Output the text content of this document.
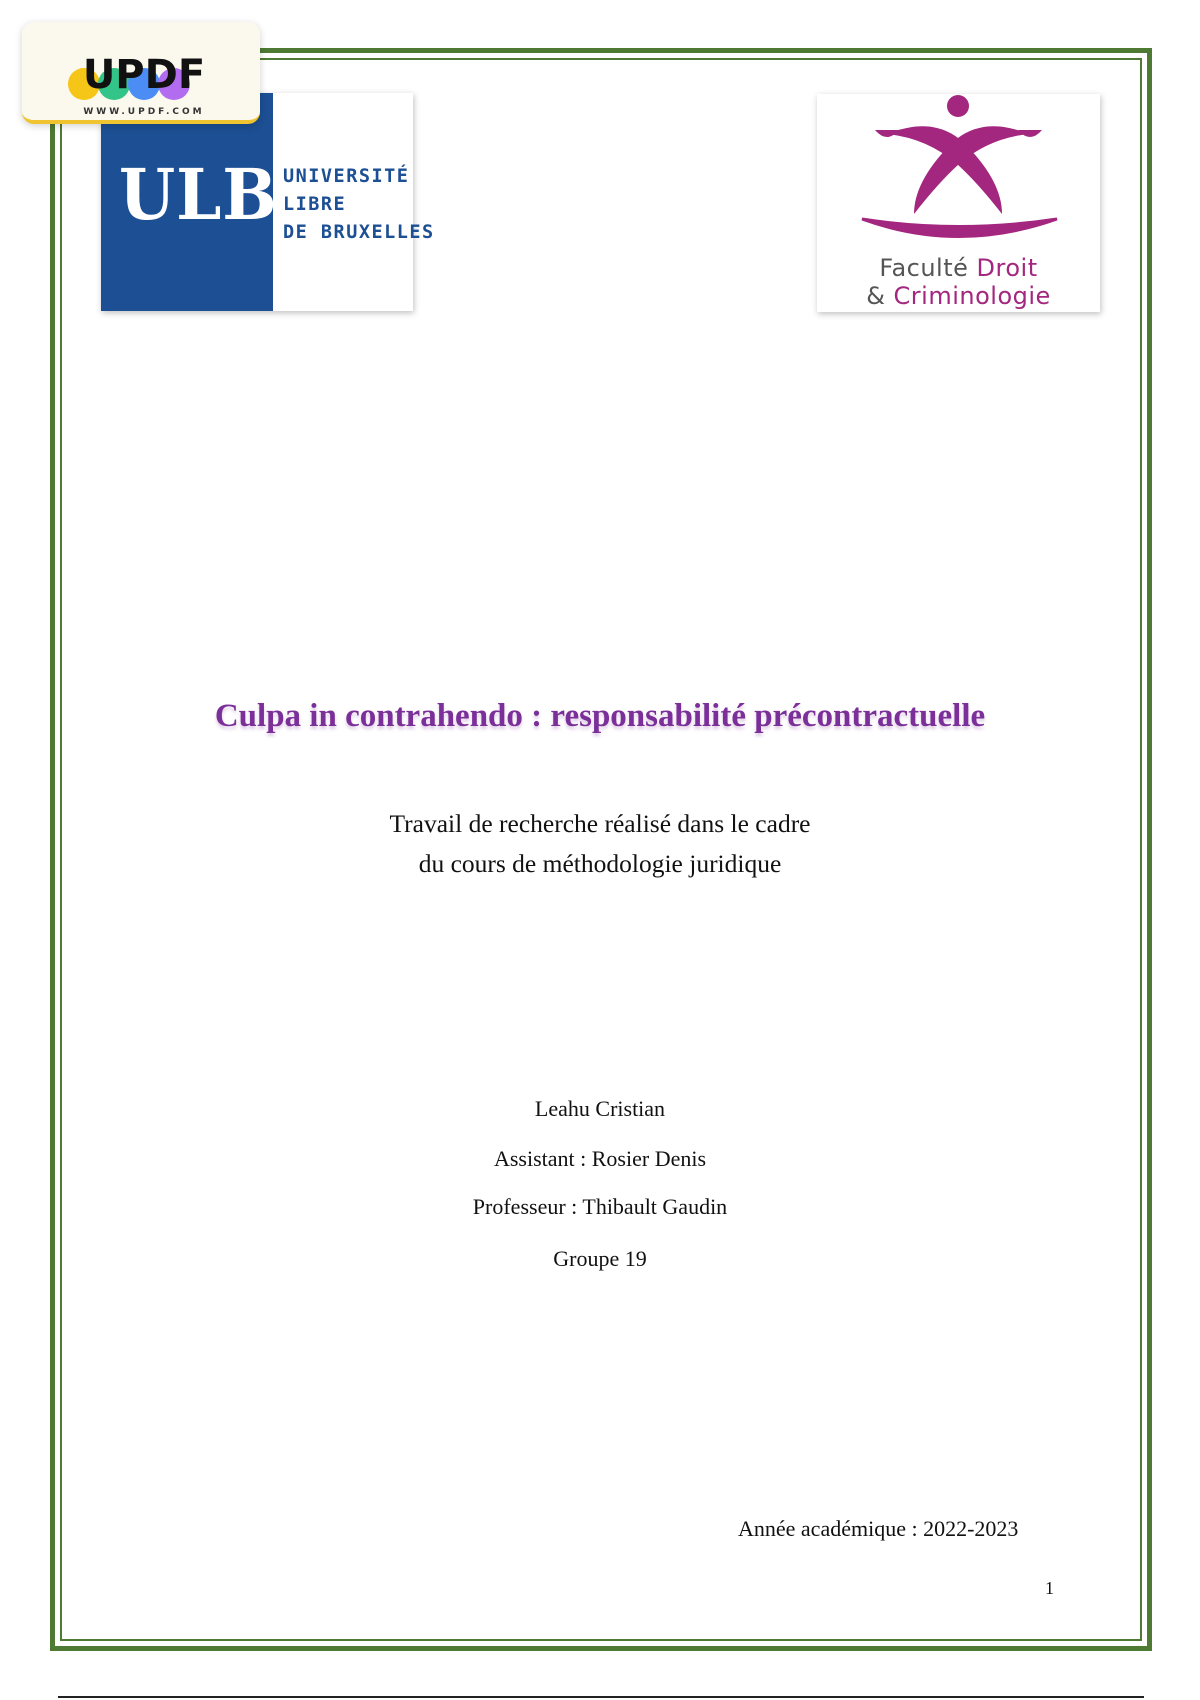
ULB UNIVERSITÉ
LIBRE
DE BRUXELLES
Faculté Droit
& Criminologie
UPDF
WWW.UPDF.COM
Culpa in contrahendo : responsabilité précontractuelle
Travail de recherche réalisé dans le cadre du cours de méthodologie juridique
Leahu Cristian
Assistant : Rosier Denis
Professeur : Thibault Gaudin
Groupe 19
Année académique : 2022-2023
1
